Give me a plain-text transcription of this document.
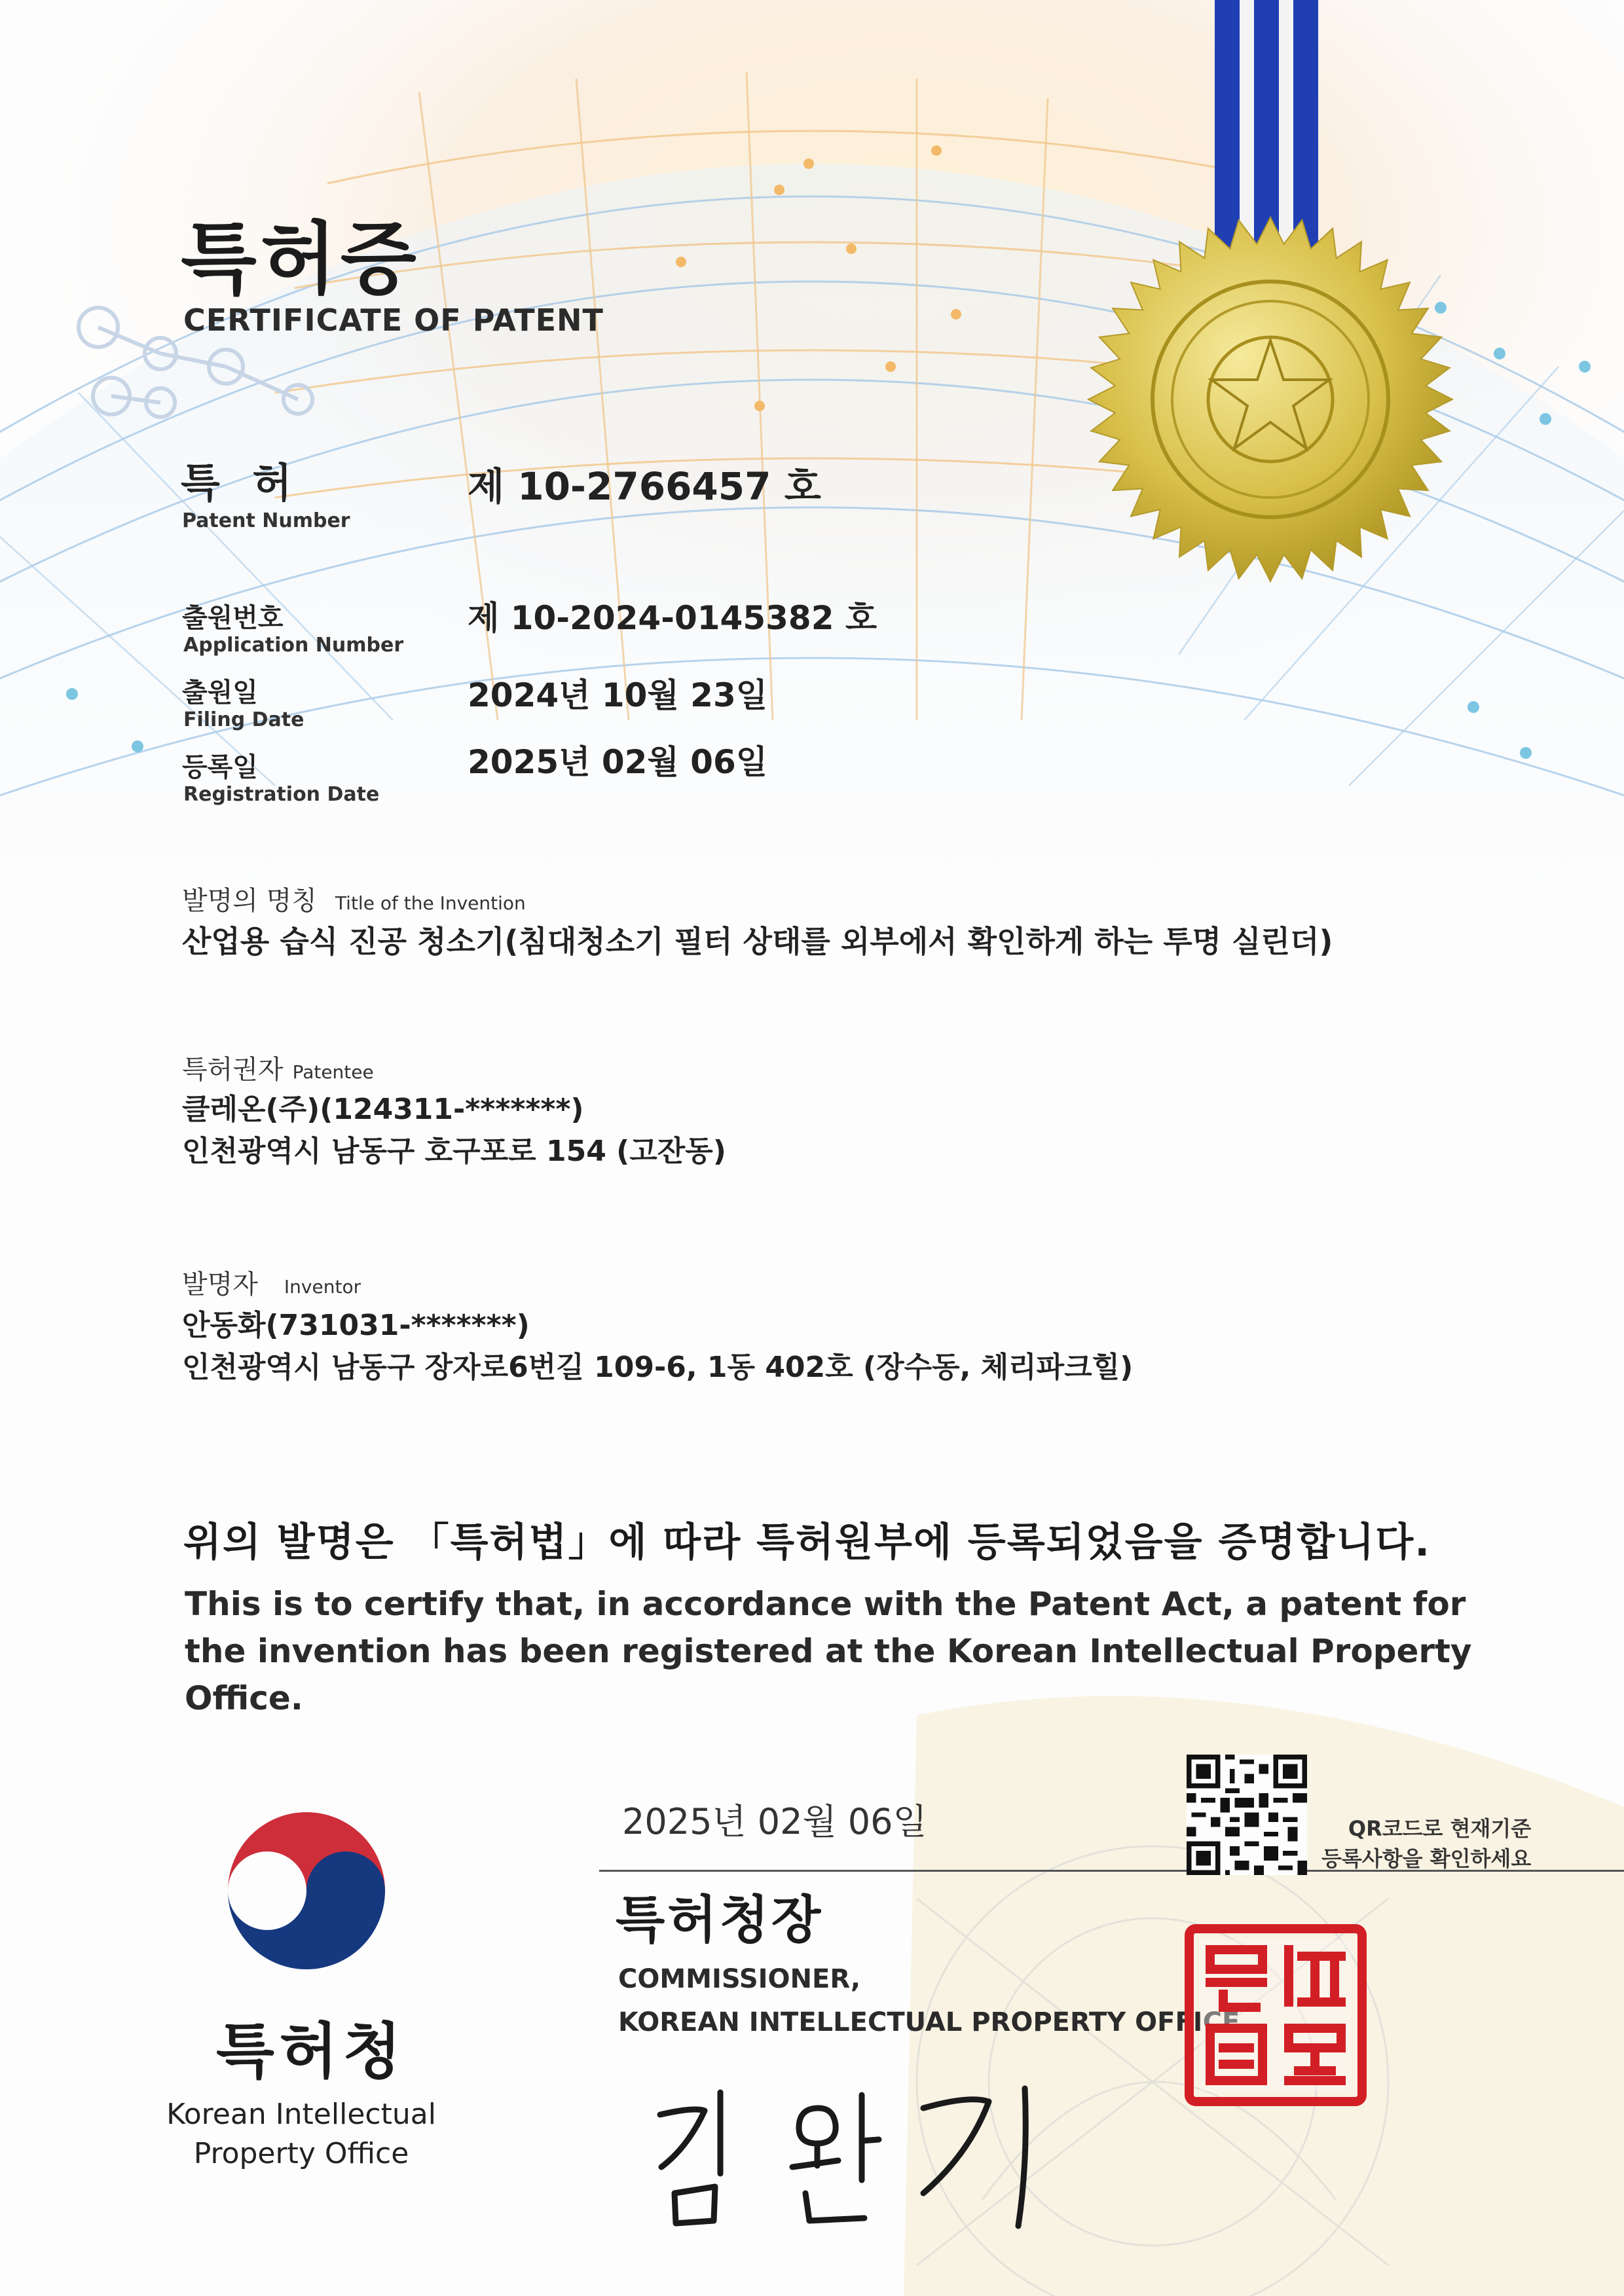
특허증
CERTIFICATE OF PATENT
특 허
Patent Number
제 10-2766457 호
출원번호
Application Number
제 10-2024-0145382 호
출원일
Filing Date
2024년 10월 23일
등록일
Registration Date
2025년 02월 06일
발명의 명칭 Title of the Invention
산업용 습식 진공 청소기(침대청소기 필터 상태를 외부에서 확인하게 하는 투명 실린더)
특허권자 Patentee
클레온(주)(124311-*******)
인천광역시 남동구 호구포로 154 (고잔동)
발명자 Inventor
안동화(731031-*******)
인천광역시 남동구 장자로6번길 109-6, 1동 402호 (장수동, 체리파크힐)
위의 발명은 「특허법」에 따라 특허원부에 등록되었음을 증명합니다.
This is to certify that, in accordance with the Patent Act, a patent for the invention has been registered at the Korean Intellectual Property Office.
특허청
Korean Intellectual
Property Office
2025년 02월 06일
특허청장
COMMISSIONER,
KOREAN INTELLECTUAL PROPERTY OFFICE
QR코드로 현재기준
등록사항을 확인하세요
